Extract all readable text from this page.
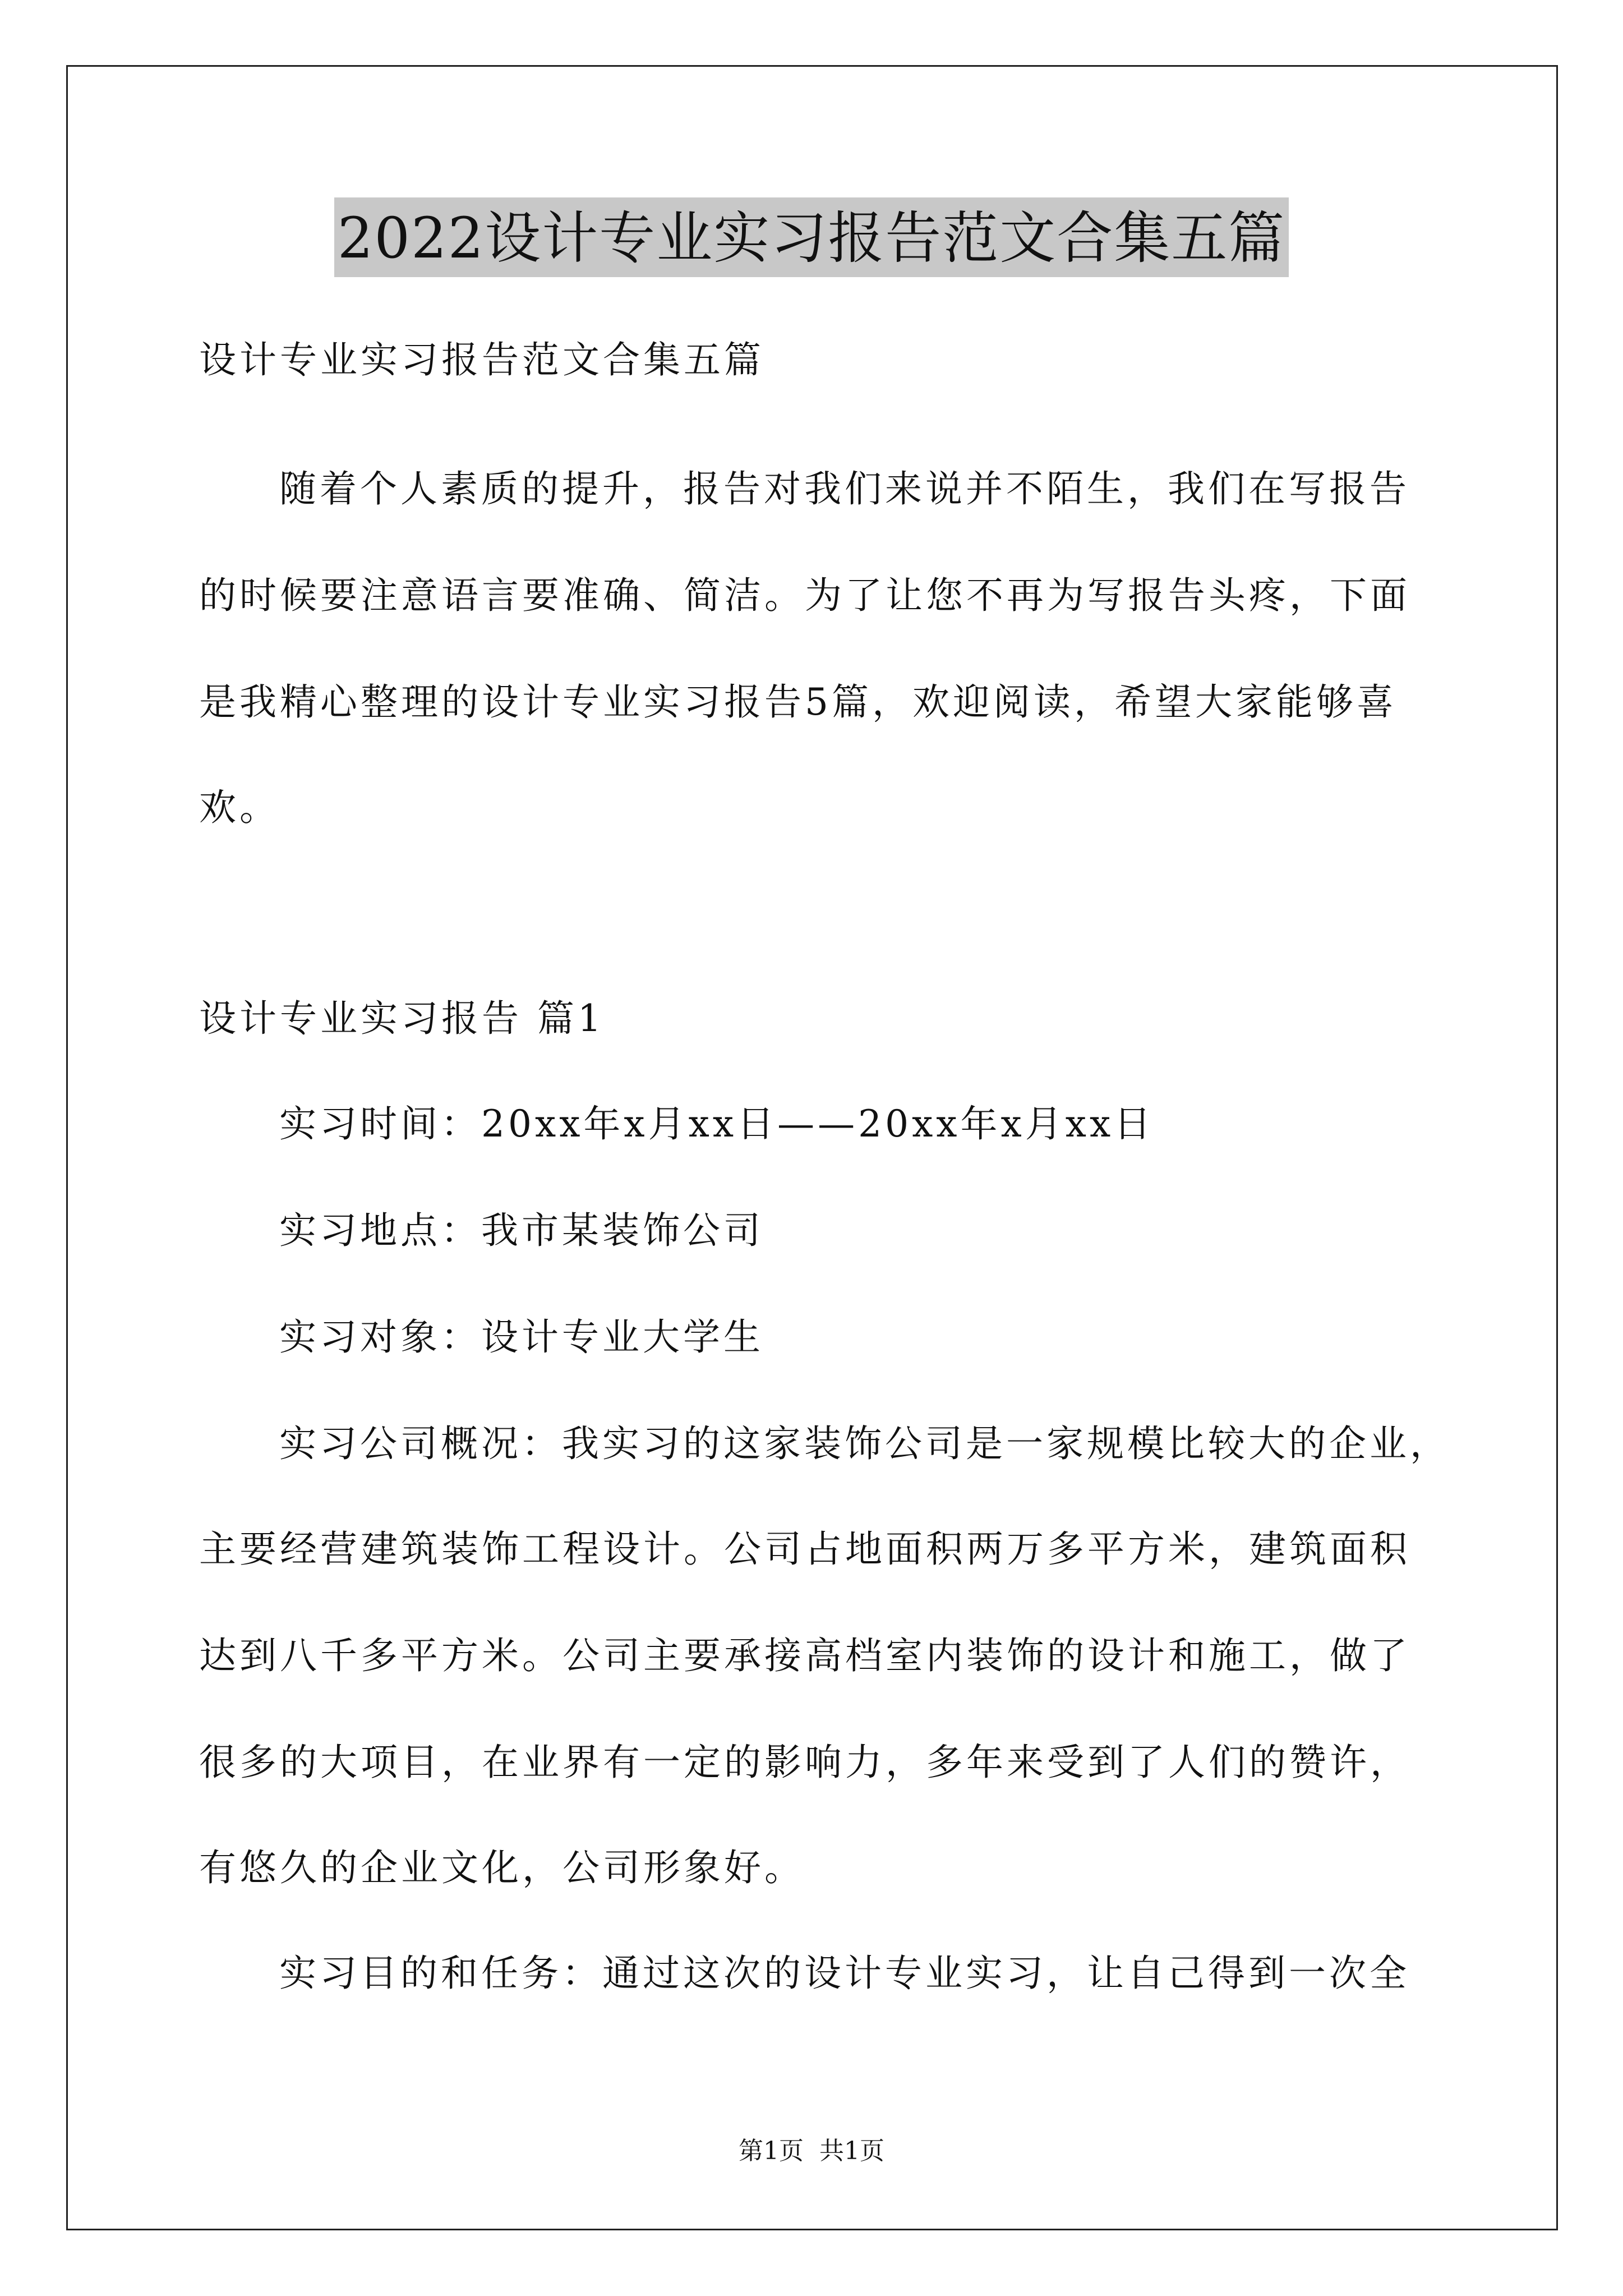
2022设计专业实习报告范文合集五篇
设计专业实习报告范文合集五篇
随着个人素质的提升，报告对我们来说并不陌生，我们在写报告
的时候要注意语言要准确、简洁。为了让您不再为写报告头疼，下面
是我精心整理的设计专业实习报告5篇，欢迎阅读，希望大家能够喜
欢。
设计专业实习报告 篇1
实习时间：20xx年x月xx日——20xx年x月xx日
实习地点：我市某装饰公司
实习对象：设计专业大学生
实习公司概况：我实习的这家装饰公司是一家规模比较大的企业，
主要经营建筑装饰工程设计。公司占地面积两万多平方米，建筑面积
达到八千多平方米。公司主要承接高档室内装饰的设计和施工，做了
很多的大项目，在业界有一定的影响力，多年来受到了人们的赞许，
有悠久的企业文化，公司形象好。
实习目的和任务：通过这次的设计专业实习，让自己得到一次全
第1页 共1页
